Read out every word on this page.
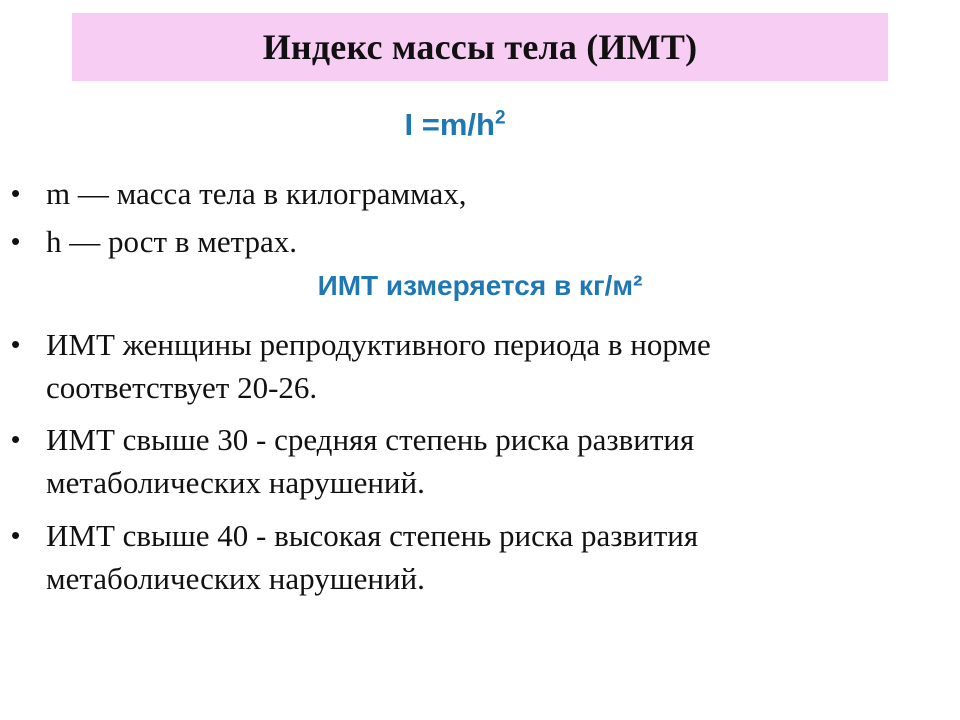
Индекс массы тела (ИМТ)
$I =m/h^2$
• m — масса тела в килограммах,
• h — рост в метрах.
ИМТ измеряется в кг/м²
• ИМТ женщины репродуктивного периода в норме
соответствует 20-26.
• ИМТ свыше 30 - средняя степень риска развития
метаболических нарушений.
• ИМТ свыше 40 - высокая степень риска развития
метаболических нарушений.
